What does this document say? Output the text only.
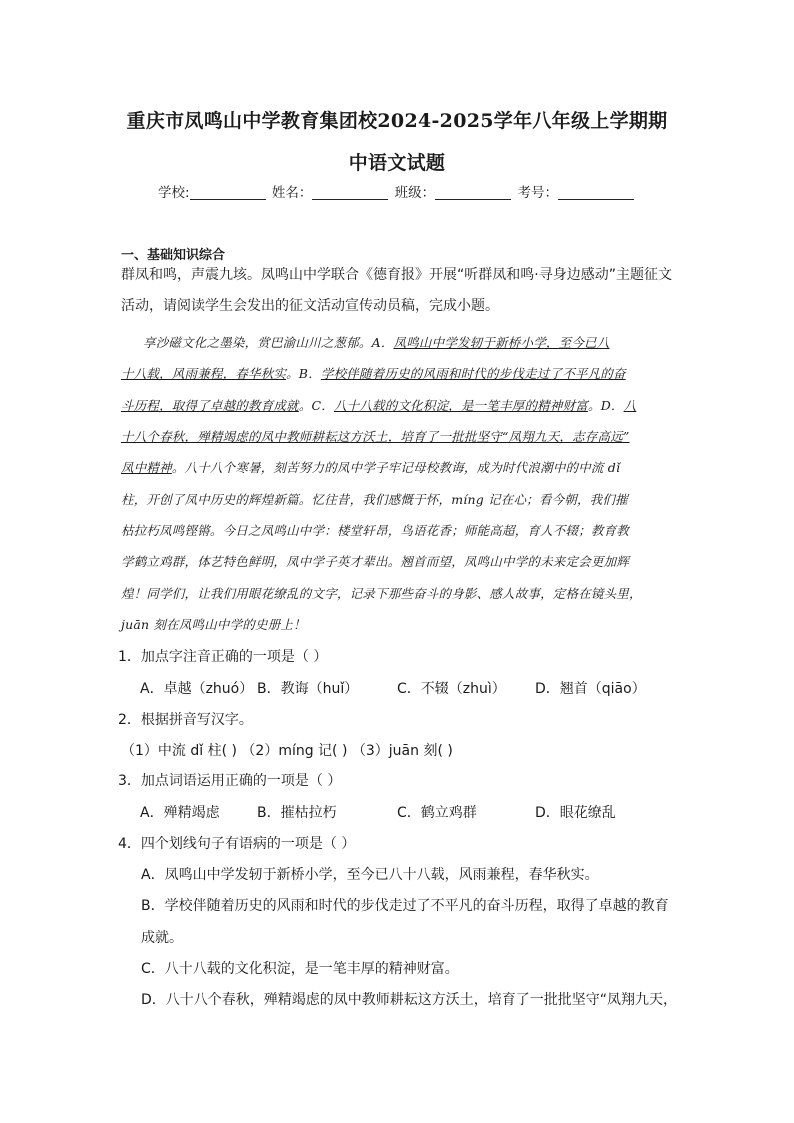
重庆市凤鸣山中学教育集团校2024-2025学年八年级上学期期
中语文试题
学校:	姓名：	班级：	考号：
一、基础知识综合
群凤和鸣，声震九垓。凤鸣山中学联合《德育报》开展“听群凤和鸣·寻身边感动”主题征文
活动，请阅读学生会发出的征文活动宣传动员稿，完成小题。
享沙磁文化之墨染，赏巴渝山川之葱郁。A．凤鸣山中学发轫于新桥小学，至今已八
十八载，风雨兼程，春华秋实。B．学校伴随着历史的风雨和时代的步伐走过了不平凡的奋
斗历程，取得了卓越的教育成就。C．八十八载的文化积淀，是一笔丰厚的精神财富。D．八
十八个春秋，殚精竭虑的凤中教师耕耘这方沃土，培育了一批批坚守“凤翔九天，志存高远”
凤中精神。八十八个寒暑，刻苦努力的凤中学子牢记母校教诲，成为时代浪潮中的中流 dǐ
柱，开创了凤中历史的辉煌新篇。忆往昔，我们感慨于怀，míng 记在心；看今朝，我们摧
枯拉朽凤鸣铿锵。今日之凤鸣山中学：楼堂轩昂，鸟语花香；师能高超，育人不辍；教育教
学鹤立鸡群，体艺特色鲜明，凤中学子英才辈出。翘首而望，凤鸣山中学的未来定会更加辉
煌！同学们，让我们用眼花缭乱的文字，记录下那些奋斗的身影、感人故事，定格在镜头里，
juān 刻在凤鸣山中学的史册上！
1．加点字注音正确的一项是（ ）
A．卓越（zhuó） B．教诲（huǐ）	C．不辍（zhuì） D．翘首（qiāo）
2．根据拼音写汉字。
（1）中流 dǐ 柱( ) （2）míng 记( ) （3）juān 刻( )
3．加点词语运用正确的一项是（ ）
A．殚精竭虑	B．摧枯拉朽	C．鹤立鸡群	D．眼花缭乱
4．四个划线句子有语病的一项是（ ）
A．凤鸣山中学发轫于新桥小学，至今已八十八载，风雨兼程，春华秋实。
B．学校伴随着历史的风雨和时代的步伐走过了不平凡的奋斗历程，取得了卓越的教育
成就。
C．八十八载的文化积淀，是一笔丰厚的精神财富。
D．八十八个春秋，殚精竭虑的凤中教师耕耘这方沃土，培育了一批批坚守“凤翔九天，
